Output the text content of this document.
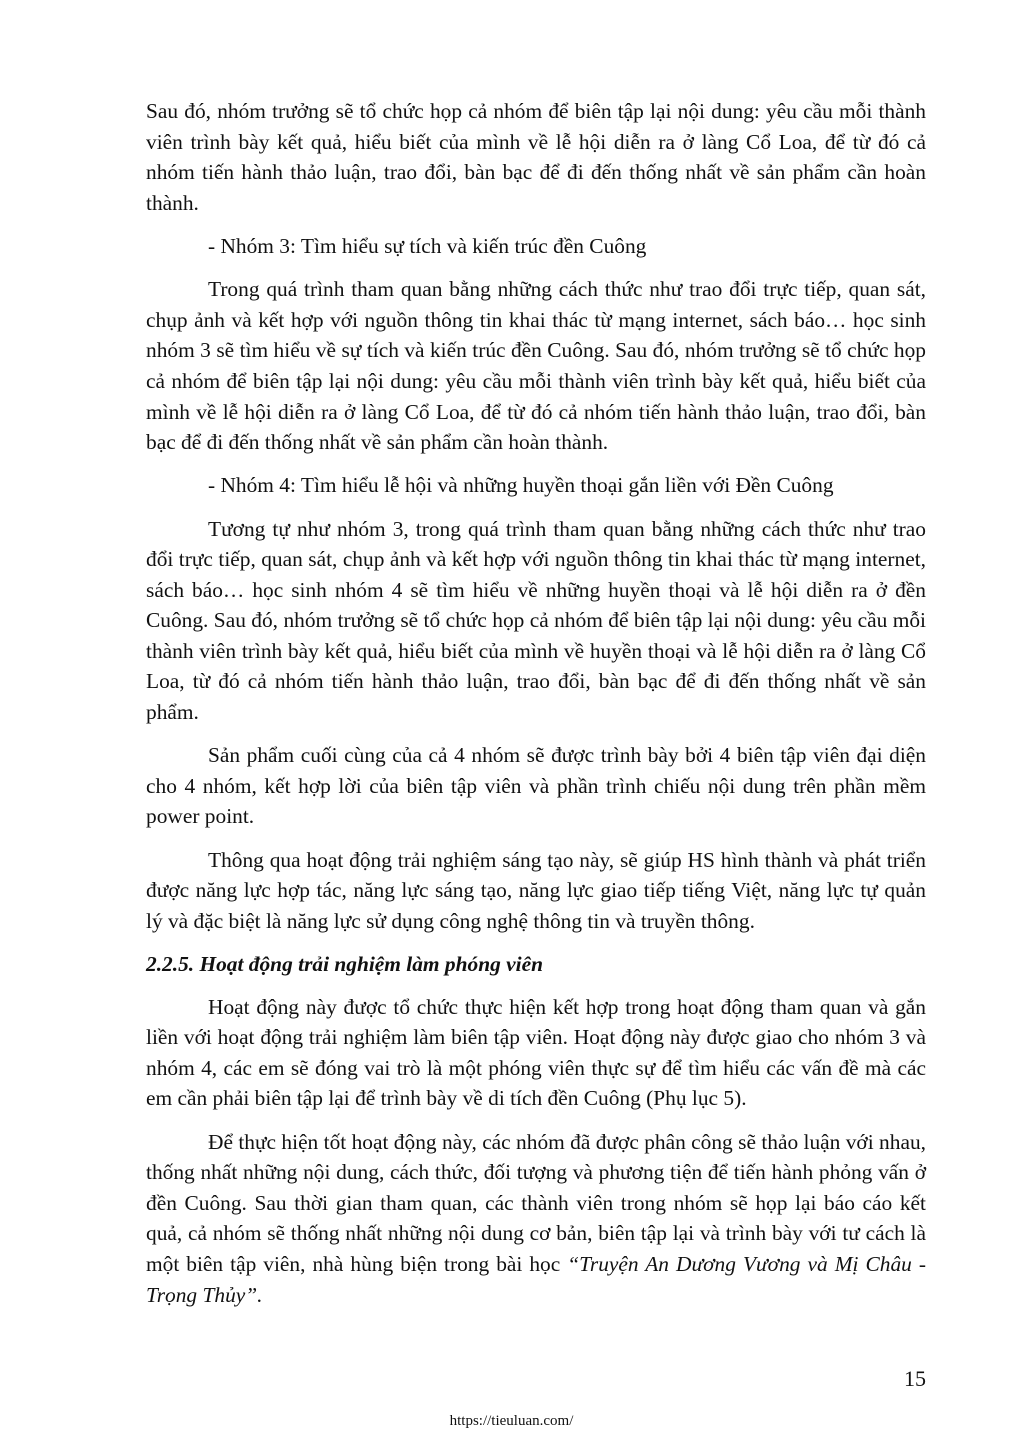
Sau đó, nhóm trưởng sẽ tổ chức họp cả nhóm để biên tập lại nội dung: yêu cầu mỗi thành viên trình bày kết quả, hiểu biết của mình về lễ hội diễn ra ở làng Cổ Loa, để từ đó cả nhóm tiến hành thảo luận, trao đổi, bàn bạc để đi đến thống nhất về sản phẩm cần hoàn thành.

- Nhóm 3: Tìm hiểu sự tích và kiến trúc đền Cuông

Trong quá trình tham quan bằng những cách thức như trao đổi trực tiếp, quan sát, chụp ảnh và kết hợp với nguồn thông tin khai thác từ mạng internet, sách báo… học sinh nhóm 3 sẽ tìm hiểu về sự tích và kiến trúc đền Cuông. Sau đó, nhóm trưởng sẽ tổ chức họp cả nhóm để biên tập lại nội dung: yêu cầu mỗi thành viên trình bày kết quả, hiểu biết của mình về lễ hội diễn ra ở làng Cổ Loa, để từ đó cả nhóm tiến hành thảo luận, trao đổi, bàn bạc để đi đến thống nhất về sản phẩm cần hoàn thành.

- Nhóm 4: Tìm hiểu lễ hội và những huyền thoại gắn liền với Đền Cuông

Tương tự như nhóm 3, trong quá trình tham quan bằng những cách thức như trao đổi trực tiếp, quan sát, chụp ảnh và kết hợp với nguồn thông tin khai thác từ mạng internet, sách báo… học sinh nhóm 4 sẽ tìm hiểu về những huyền thoại và lễ hội diễn ra ở đền Cuông. Sau đó, nhóm trưởng sẽ tổ chức họp cả nhóm để biên tập lại nội dung: yêu cầu mỗi thành viên trình bày kết quả, hiểu biết của mình về huyền thoại và lễ hội diễn ra ở làng Cổ Loa, từ đó cả nhóm tiến hành thảo luận, trao đổi, bàn bạc để đi đến thống nhất về sản phẩm.

Sản phẩm cuối cùng của cả 4 nhóm sẽ được trình bày bởi 4 biên tập viên đại diện cho 4 nhóm, kết hợp lời của biên tập viên và phần trình chiếu nội dung trên phần mềm power point.

Thông qua hoạt động trải nghiệm sáng tạo này, sẽ giúp HS hình thành và phát triển được năng lực hợp tác, năng lực sáng tạo, năng lực giao tiếp tiếng Việt, năng lực tự quản lý và đặc biệt là năng lực sử dụng công nghệ thông tin và truyền thông.

2.2.5. Hoạt động trải nghiệm làm phóng viên

Hoạt động này được tổ chức thực hiện kết hợp trong hoạt động tham quan và gắn liền với hoạt động trải nghiệm làm biên tập viên. Hoạt động này được giao cho nhóm 3 và nhóm 4, các em sẽ đóng vai trò là một phóng viên thực sự để tìm hiểu các vấn đề mà các em cần phải biên tập lại để trình bày về di tích đền Cuông (Phụ lục 5).

Để thực hiện tốt hoạt động này, các nhóm đã được phân công sẽ thảo luận với nhau, thống nhất những nội dung, cách thức, đối tượng và phương tiện để tiến hành phỏng vấn ở đền Cuông. Sau thời gian tham quan, các thành viên trong nhóm sẽ họp lại báo cáo kết quả, cả nhóm sẽ thống nhất những nội dung cơ bản, biên tập lại và trình bày với tư cách là một biên tập viên, nhà hùng biện trong bài học “Truyện An Dương Vương và Mị Châu - Trọng Thủy”.

15
https://tieuluan.com/
